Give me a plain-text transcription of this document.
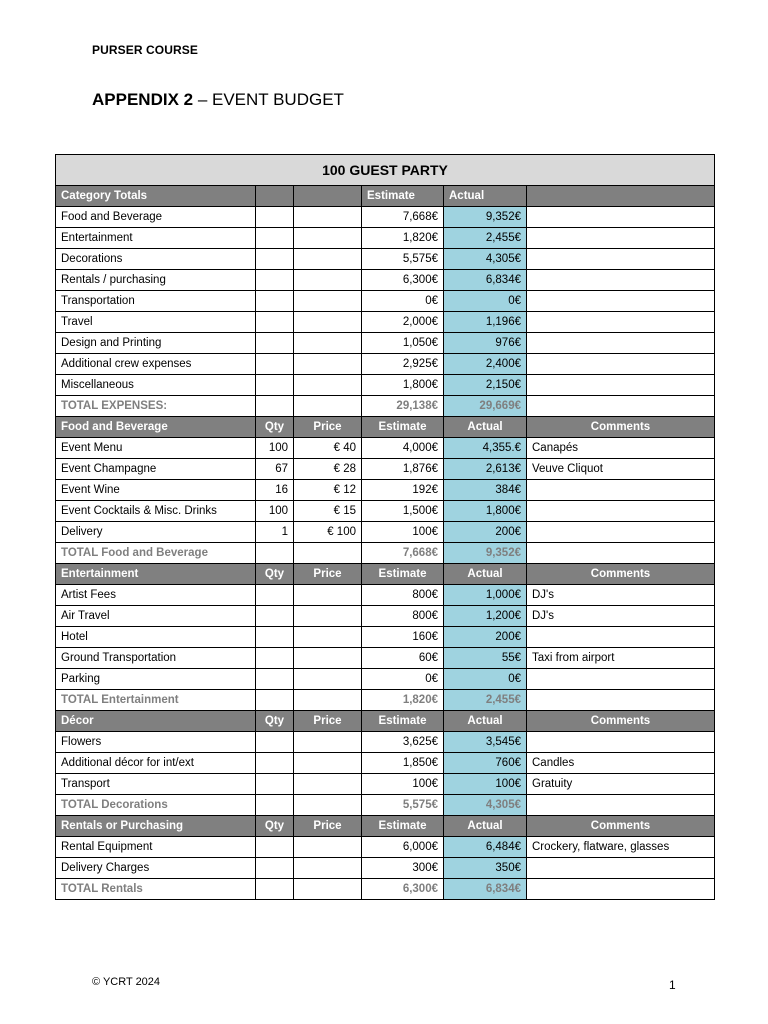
PURSER COURSE
APPENDIX 2 – EVENT BUDGET
100 GUEST PARTY					
Category Totals			Estimate	Actual	
Food and Beverage			7,668€	9,352€	
Entertainment			1,820€	2,455€	
Decorations			5,575€	4,305€	
Rentals / purchasing			6,300€	6,834€	
Transportation			0€	0€	
Travel			2,000€	1,196€	
Design and Printing			1,050€	976€	
Additional crew expenses			2,925€	2,400€	
Miscellaneous			1,800€	2,150€	
TOTAL EXPENSES:			29,138€	29,669€	
Food and Beverage	Qty	Price	Estimate	Actual	Comments
Event Menu	100	€ 40	4,000€	4,355.€	Canapés
Event Champagne	67	€ 28	1,876€	2,613€	Veuve Cliquot
Event Wine	16	€ 12	192€	384€	
Event Cocktails & Misc. Drinks	100	€ 15	1,500€	1,800€	
Delivery	1	€ 100	100€	200€	
TOTAL Food and Beverage			7,668€	9,352€	
Entertainment	Qty	Price	Estimate	Actual	Comments
Artist Fees			800€	1,000€	DJ's
Air Travel			800€	1,200€	DJ's
Hotel			160€	200€	
Ground Transportation			60€	55€	Taxi from airport
Parking			0€	0€	
TOTAL Entertainment			1,820€	2,455€	
Décor	Qty	Price	Estimate	Actual	Comments
Flowers			3,625€	3,545€	
Additional décor for int/ext			1,850€	760€	Candles
Transport			100€	100€	Gratuity
TOTAL Decorations			5,575€	4,305€	
Rentals or Purchasing	Qty	Price	Estimate	Actual	Comments
Rental Equipment			6,000€	6,484€	Crockery, flatware, glasses
Delivery Charges			300€	350€	
TOTAL Rentals			6,300€	6,834€	
© YCRT 2024	1
